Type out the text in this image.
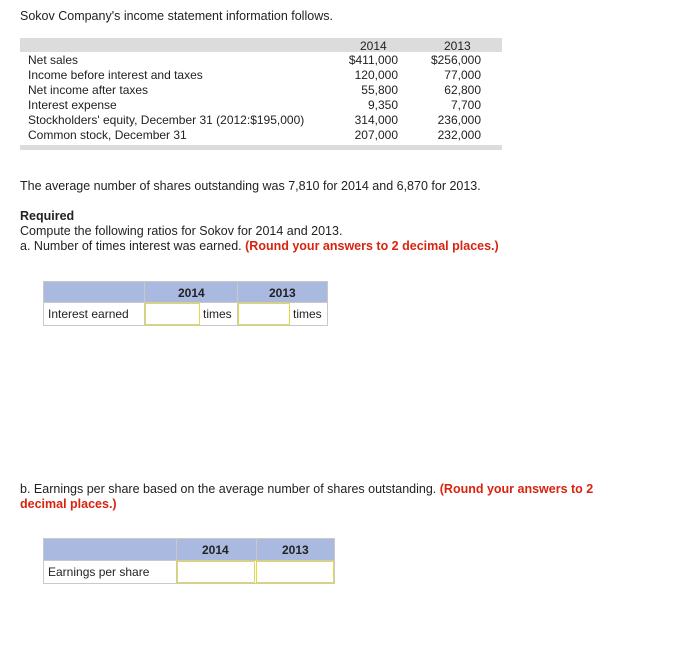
Sokov Company's income statement information follows.
2014	2013
Net sales	$411,000	$256,000
Income before interest and taxes	120,000	77,000
Net income after taxes	55,800	62,800
Interest expense	9,350	7,700
Stockholders' equity, December 31 (2012:$195,000)	314,000	236,000
Common stock, December 31	207,000	232,000
The average number of shares outstanding was 7,810 for 2014 and 6,870 for 2013.
Required
Compute the following ratios for Sokov for 2014 and 2013.
a. Number of times interest was earned. (Round your answers to 2 decimal places.)
2014	2013
Interest earned	times	times
b. Earnings per share based on the average number of shares outstanding. (Round your answers to 2 decimal places.)
2014	2013
Earnings per share
